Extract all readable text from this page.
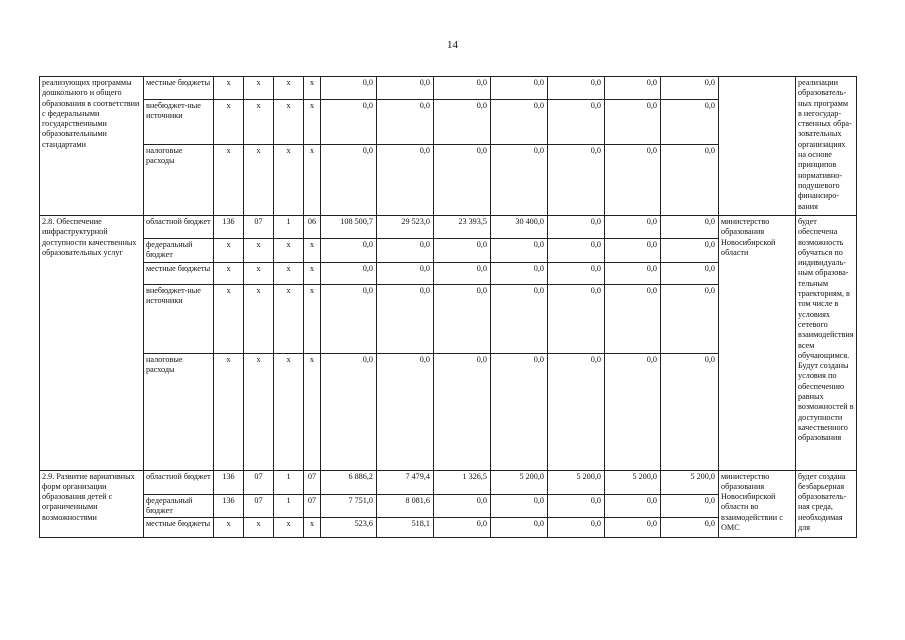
14
реализующих программы дошкольного и общего образования в соответствии с федеральными государственными образовательными стандартами	местные бюджеты	x	x	x	x	0,0	0,0	0,0	0,0	0,0	0,0	0,0		реализации образователь-ных программ в негосудар-ственных обра-зовательных организациях на основе принципов нормативно-подушевого финансиро-вания
	внебюджет-ные источники	x	x	x	x	0,0	0,0	0,0	0,0	0,0	0,0	0,0		
	налоговые расходы	x	x	x	x	0,0	0,0	0,0	0,0	0,0	0,0	0,0		
2.8. Обеспечение инфраструктурной доступности качественных образовательных услуг	областной бюджет	136	07	1	06	108 500,7	29 523,0	23 393,5	30 400,0	0,0	0,0	0,0	министерство образования Новосибирской области	будет обеспечена возможность обучаться по индивидуаль-ным образова-тельным траекториям, в том числе в условиях сетевого взаимодействия всем обучающимся. Будут созданы условия по обеспечению равных возможностей в доступности качественного образования
	федеральный бюджет	x	x	x	x	0,0	0,0	0,0	0,0	0,0	0,0	0,0		
	местные бюджеты	x	x	x	x	0,0	0,0	0,0	0,0	0,0	0,0	0,0		
	внебюджет-ные источники	x	x	x	x	0,0	0,0	0,0	0,0	0,0	0,0	0,0		
	налоговые расходы	x	x	x	x	0,0	0,0	0,0	0,0	0,0	0,0	0,0		
2.9. Развитие вариативных форм организации образования детей с ограниченными возможностями	областной бюджет	136	07	1	07	6 886,2	7 479,4	1 326,5	5 200,0	5 200,0	5 200,0	5 200,0	министерство образования Новосибирской области во взаимодействии с ОМС	будет создана безбарьерная образователь-ная среда, необходимая для
	федеральный бюджет	136	07	1	07	7 751,0	8 081,6	0,0	0,0	0,0	0,0	0,0		
	местные бюджеты	x	x	x	x	523,6	518,1	0,0	0,0	0,0	0,0	0,0		
